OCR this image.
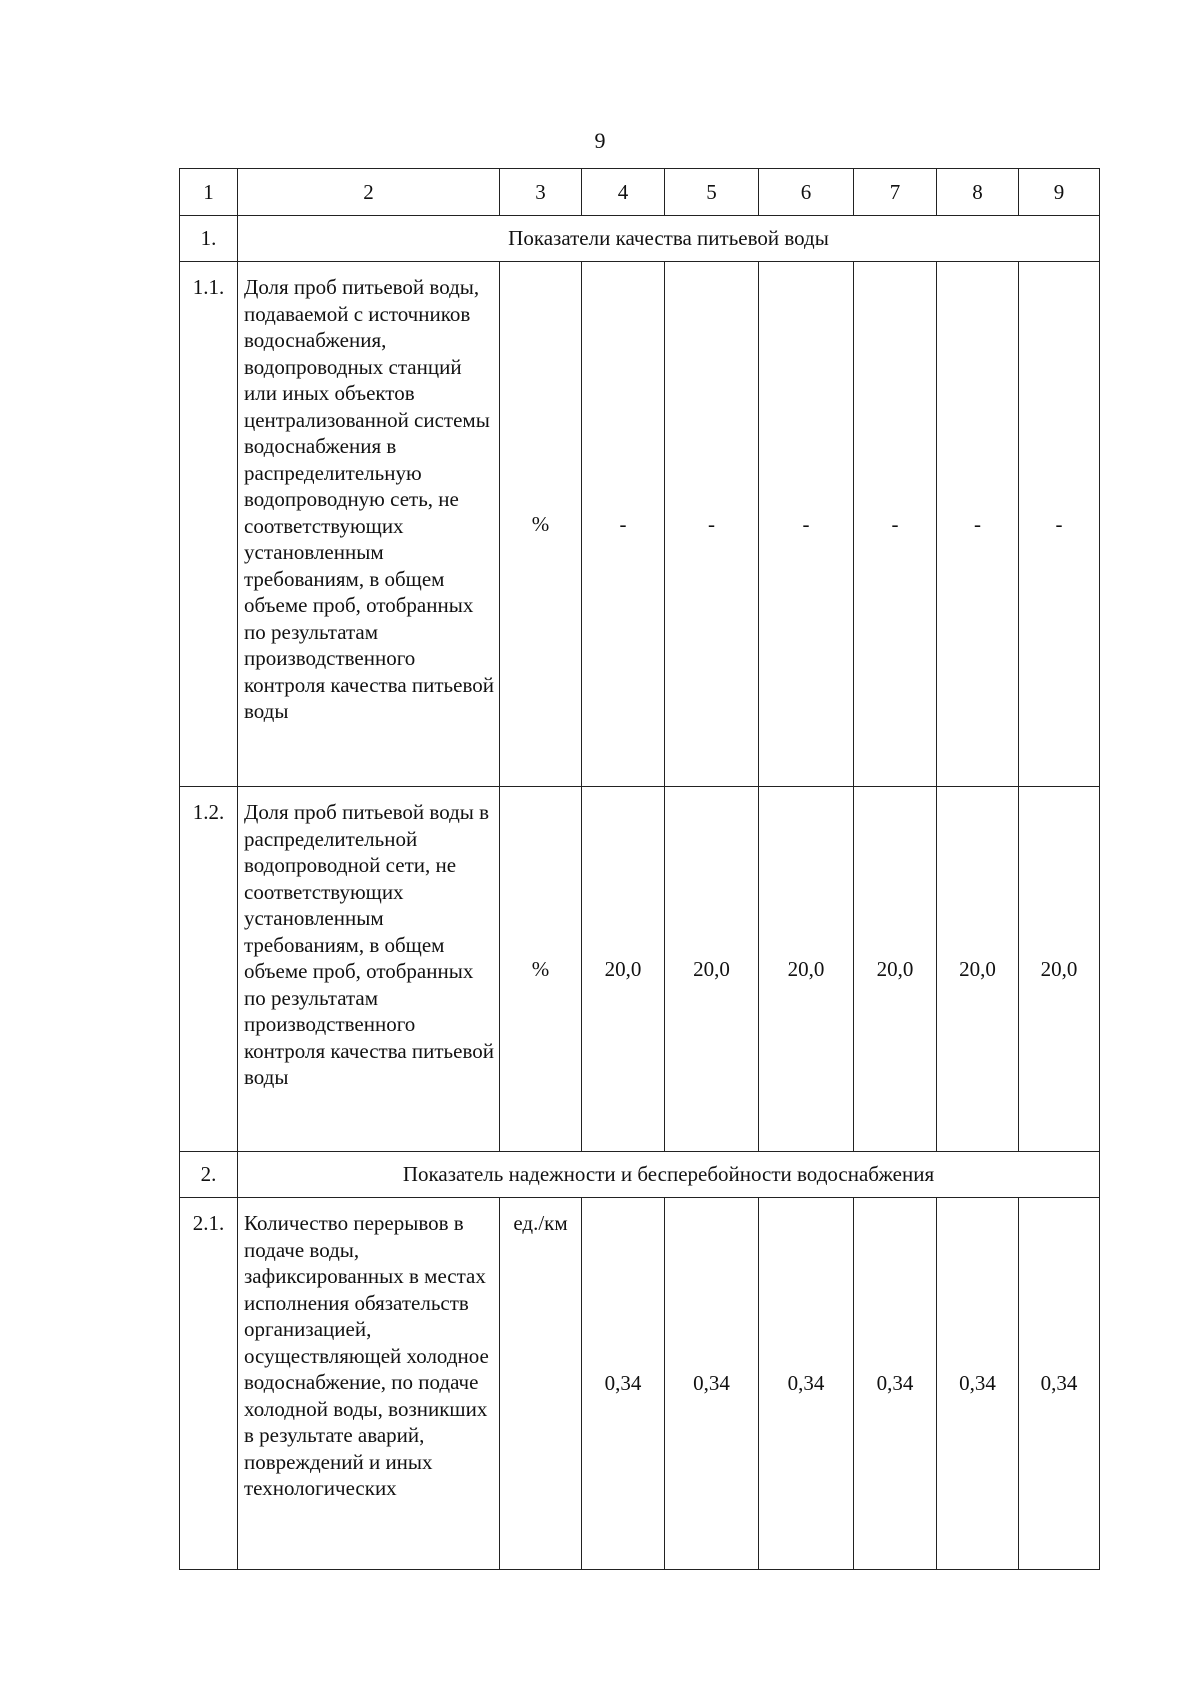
9
1	2	3	4	5	6	7	8	9
1.	Показатели качества питьевой воды							
1.1.	Доля проб питьевой воды, подаваемой с источников водоснабжения, водопроводных станций или иных объектов централизованной системы водоснабжения в распределительную водопроводную сеть, не соответствующих установленным требованиям, в общем объеме проб, отобранных по результатам производственного контроля качества питьевой воды	%	-	-	-	-	-	-
1.2.	Доля проб питьевой воды в распределительной водопроводной сети, не соответствующих установленным требованиям, в общем объеме проб, отобранных по результатам производственного контроля качества питьевой воды	%	20,0	20,0	20,0	20,0	20,0	20,0
2.	Показатель надежности и бесперебойности водоснабжения							
2.1.	Количество перерывов в подаче воды, зафиксированных в местах исполнения обязательств организацией, осуществляющей холодное водоснабжение, по подаче холодной воды, возникших в результате аварий, повреждений и иных технологических	ед./км	0,34	0,34	0,34	0,34	0,34	0,34
